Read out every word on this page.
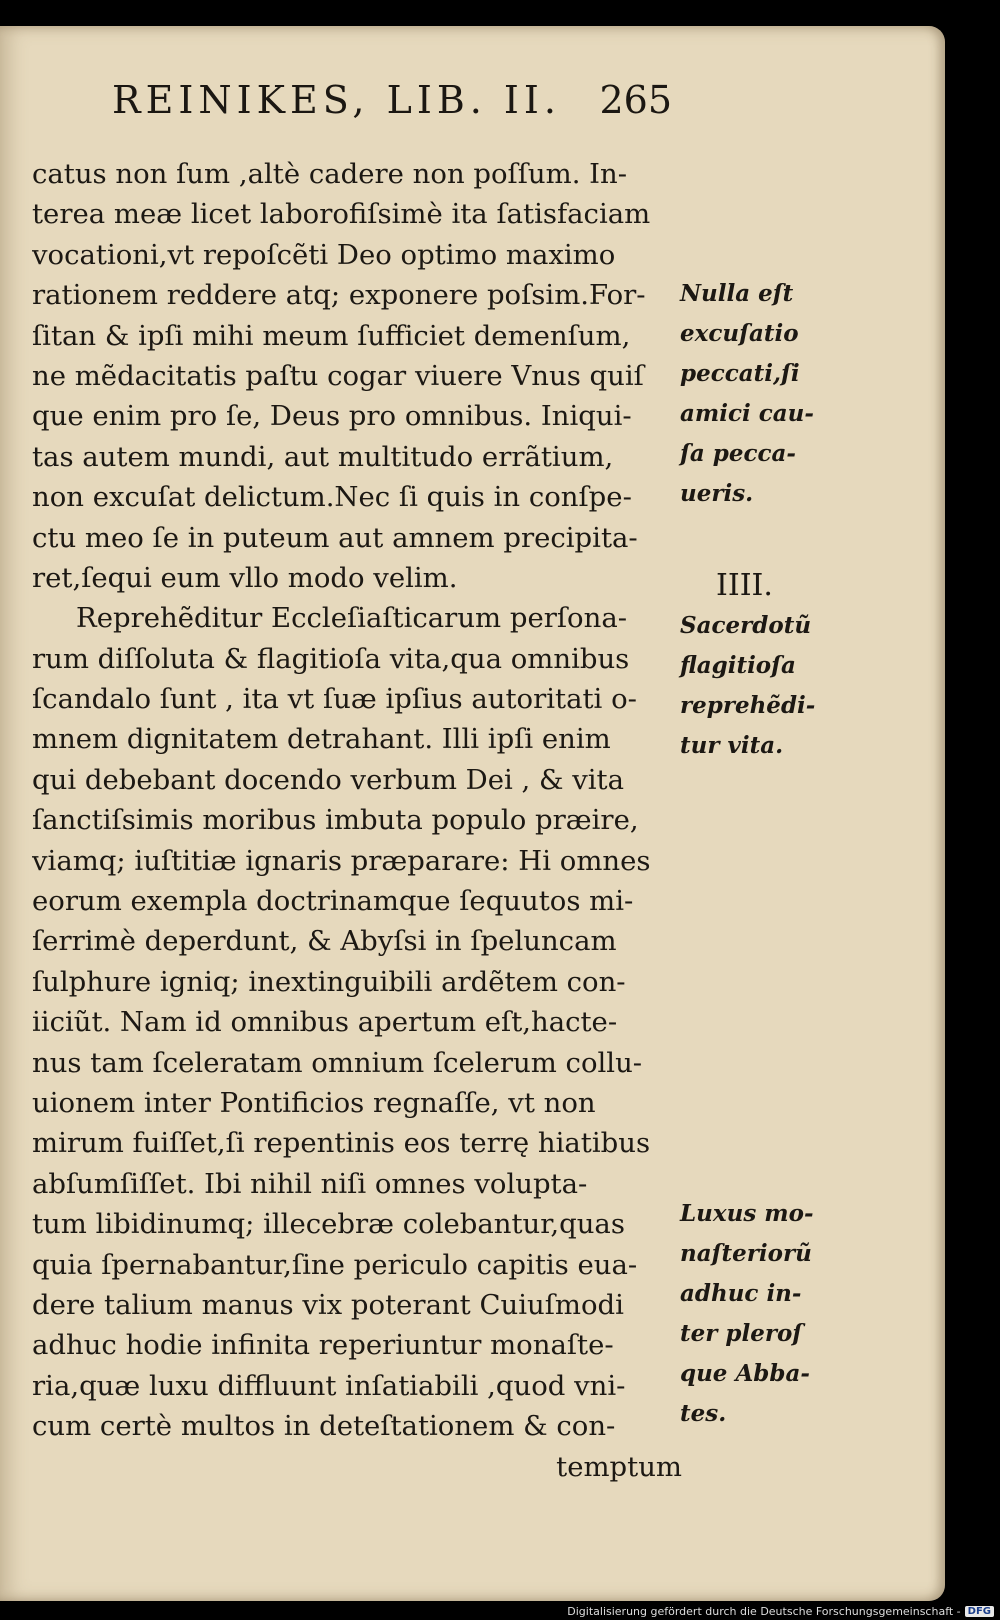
REINIKES, LIB. II. 265
catus non ſum ,altè cadere non poſſum. In-
terea meæ licet laborofiſsimè ita ſatisfaciam
vocationi,vt repoſcẽti Deo optimo maximo
rationem reddere atq; exponere poſsim.For-
ſitan & ipſi mihi meum ſufficiet demenſum,
ne mẽdacitatis paſtu cogar viuere Vnus quiſ
que enim pro ſe, Deus pro omnibus. Iniqui-
tas autem mundi, aut multitudo errãtium,
non excuſat delictum.Nec ſi quis in conſpe-
ctu meo ſe in puteum aut amnem precipita-
ret,ſequi eum vllo modo velim.
Reprehẽditur Eccleſiaſticarum perſona-
rum diſſoluta & flagitioſa vita,qua omnibus
ſcandalo ſunt , ita vt ſuæ ipſius autoritati o-
mnem dignitatem detrahant. Illi ipſi enim
qui debebant docendo verbum Dei , & vita
ſanctiſsimis moribus imbuta populo præire,
viamq; iuſtitiæ ignaris præparare: Hi omnes
eorum exempla doctrinamque ſequutos mi-
ſerrimè deperdunt, & Abyſsi in ſpeluncam
ſulphure igniq; inextinguibili ardẽtem con-
iiciũt. Nam id omnibus apertum eſt,hacte-
nus tam ſceleratam omnium ſcelerum collu-
uionem inter Pontificios regnaſſe, vt non
mirum fuiſſet,ſi repentinis eos terrę hiatibus
abſumſiſſet. Ibi nihil niſi omnes volupta-
tum libidinumq; illecebræ colebantur,quas
quia ſpernabantur,ſine periculo capitis eua-
dere talium manus vix poterant Cuiuſmodi
adhuc hodie infinita reperiuntur monaſte-
ria,quæ luxu diffluunt inſatiabili ,quod vni-
cum certè multos in deteſtationem & con-
temptum
Nulla eſt
excuſatio
peccati,ſi
amici cau-
ſa pecca-
ueris.
IIII.
Sacerdotũ
flagitioſa
reprehẽdi-
tur vita.
Luxus mo-
naſteriorũ
adhuc in-
ter pleroſ
que Abba-
tes.
Digitalisierung gefördert durch die Deutsche Forschungsgemeinschaft - DFG
